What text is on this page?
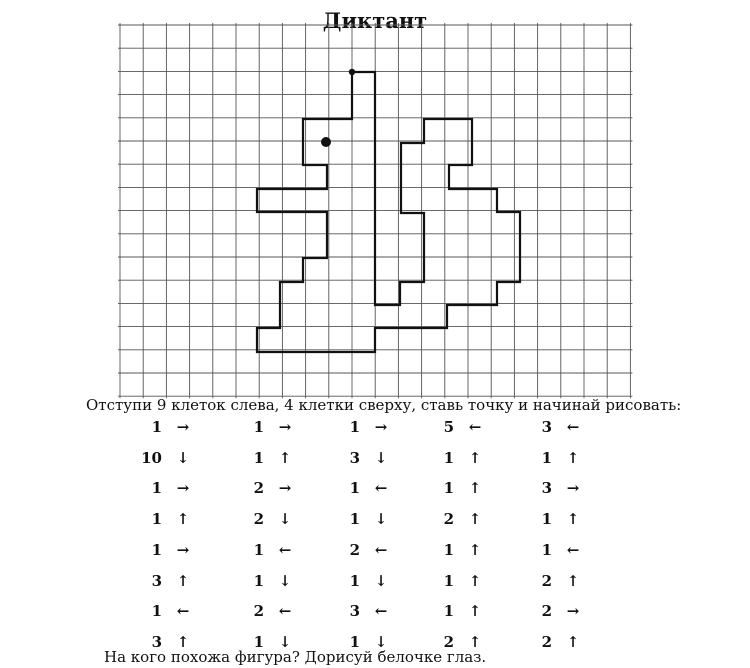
Диктант
Отступи 9 клеток слева, 4 клетки сверху, ставь точку и начинай рисовать:
1 →
10 ↓
1 →
1 ↑
1 →
3 ↑
1 ←
3 ↑
1 →
1 ↑
2 →
2 ↓
1 ←
1 ↓
2 ←
1 ↓
1 →
3 ↓
1 ←
1 ↓
2 ←
1 ↓
3 ←
1 ↓
5 ←
1 ↑
1 ↑
2 ↑
1 ↑
1 ↑
1 ↑
2 ↑
3 ←
1 ↑
3 →
1 ↑
1 ←
2 ↑
2 →
2 ↑
На кого похожа фигура? Дорисуй белочке глаз.
